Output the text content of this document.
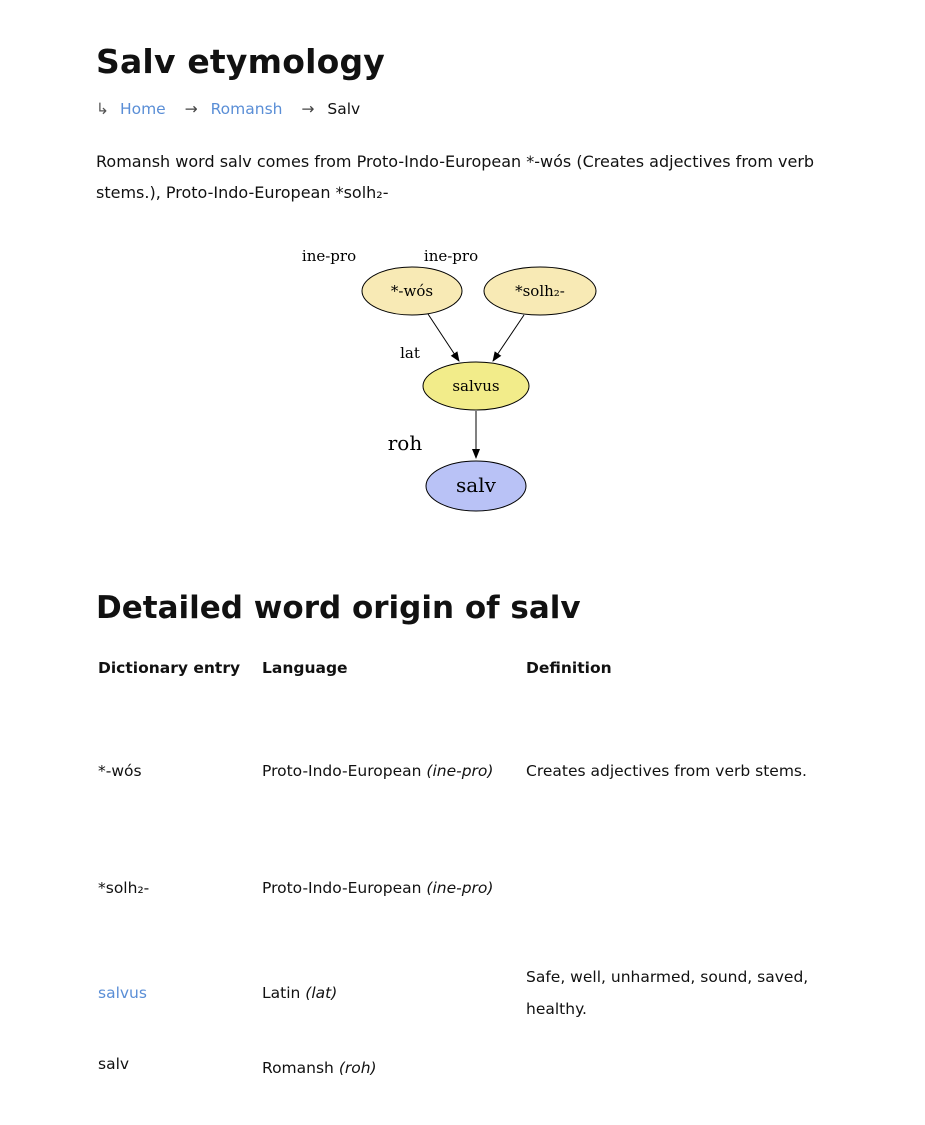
Salv etymology
↳ Home → Romansh → Salv

Romansh word salv comes from Proto-Indo-European *-wós (Creates adjectives from verb stems.), Proto-Indo-European *solh₂-

ine-pro
*-wós
ine-pro
*solh₂-
lat
salvus
roh
salv
Detailed word origin of salv
Dictionary entry	Language	Definition
*-wós	Proto-Indo-European (ine-pro)	Creates adjectives from verb stems.
*solh₂-	Proto-Indo-European (ine-pro)	
salvus	Latin (lat)	Safe, well, unharmed, sound, saved, healthy.
salv	Romansh (roh)	
